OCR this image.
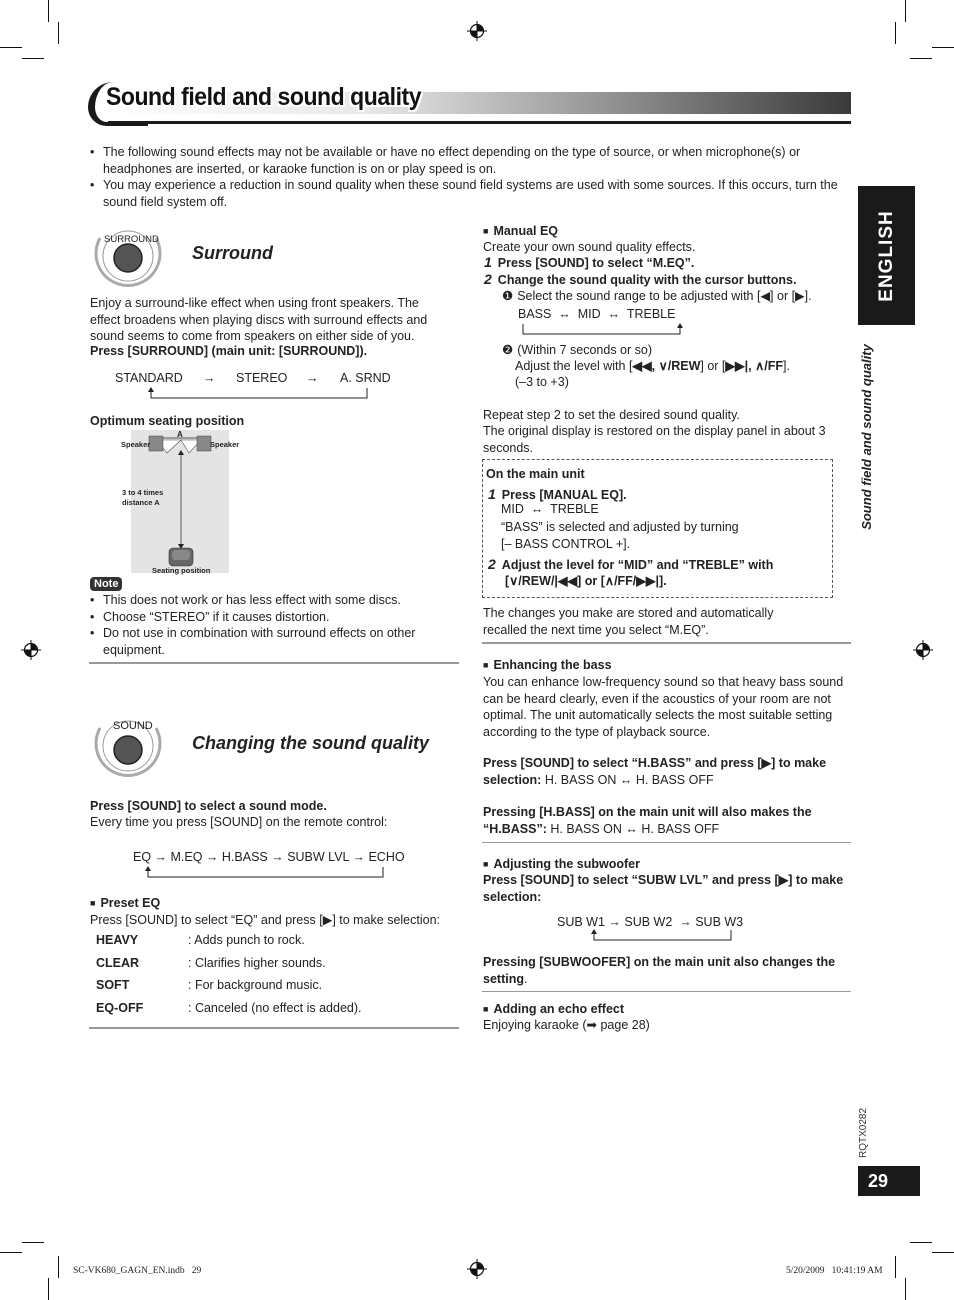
Sound field and sound quality
• The following sound effects may not be available or have no effect depending on the type of source, or when microphone(s) or headphones are inserted, or karaoke function is on or play speed is on.
• You may experience a reduction in sound quality when these sound field systems are used with some sources. If this occurs, turn the sound field system off.
SURROUND
Surround
Enjoy a surround-like effect when using front speakers. The effect broadens when playing discs with surround effects and sound seems to come from speakers on either side of you.
Press [SURROUND] (main unit: [SURROUND]).
STANDARD → STEREO → A. SRND
Optimum seating position
A
Speaker	Speaker
3 to 4 times
distance A
Seating position
Note
• This does not work or has less effect with some discs.
• Choose “STEREO” if it causes distortion.
• Do not use in combination with surround effects on other equipment.
SOUND
Changing the sound quality
Press [SOUND] to select a sound mode.
Every time you press [SOUND] on the remote control:
EQ → M.EQ → H.BASS → SUBW LVL → ECHO
■ Preset EQ
Press [SOUND] to select “EQ” and press [▶] to make selection:
HEAVY	: Adds punch to rock.
CLEAR	: Clarifies higher sounds.
SOFT	: For background music.
EQ-OFF	: Canceled (no effect is added).
■ Manual EQ
Create your own sound quality effects.
1 Press [SOUND] to select “M.EQ”.
2 Change the sound quality with the cursor buttons.
❶ Select the sound range to be adjusted with [◀] or [▶].
BASS  ↔  MID  ↔  TREBLE
❷ (Within 7 seconds or so)
Adjust the level with [◀◀, ∨/REW] or [▶▶|, ∧/FF].
(–3 to +3)
Repeat step 2 to set the desired sound quality.
The original display is restored on the display panel in about 3 seconds.
On the main unit
1 Press [MANUAL EQ].
MID  ↔  TREBLE
“BASS” is selected and adjusted by turning
[– BASS CONTROL +].
2 Adjust the level for “MID” and “TREBLE” with
[∨/REW/|◀◀] or [∧/FF/▶▶|].
The changes you make are stored and automatically
recalled the next time you select “M.EQ”.
■ Enhancing the bass
You can enhance low-frequency sound so that heavy bass sound can be heard clearly, even if the acoustics of your room are not optimal. The unit automatically selects the most suitable setting according to the type of playback source.
Press [SOUND] to select “H.BASS” and press [▶] to make selection: H. BASS ON ↔ H. BASS OFF
Pressing [H.BASS] on the main unit will also makes the “H.BASS”: H. BASS ON ↔ H. BASS OFF
■ Adjusting the subwoofer
Press [SOUND] to select “SUBW LVL” and press [▶] to make selection:
SUB W1 → SUB W2  → SUB W3
Pressing [SUBWOOFER] on the main unit also changes the setting.
■ Adding an echo effect
Enjoying karaoke (➡ page 28)
ENGLISH
Sound field and sound quality
RQTX0282
29
SC-VK680_GAGN_EN.indb   29	5/20/2009   10:41:19 AM
